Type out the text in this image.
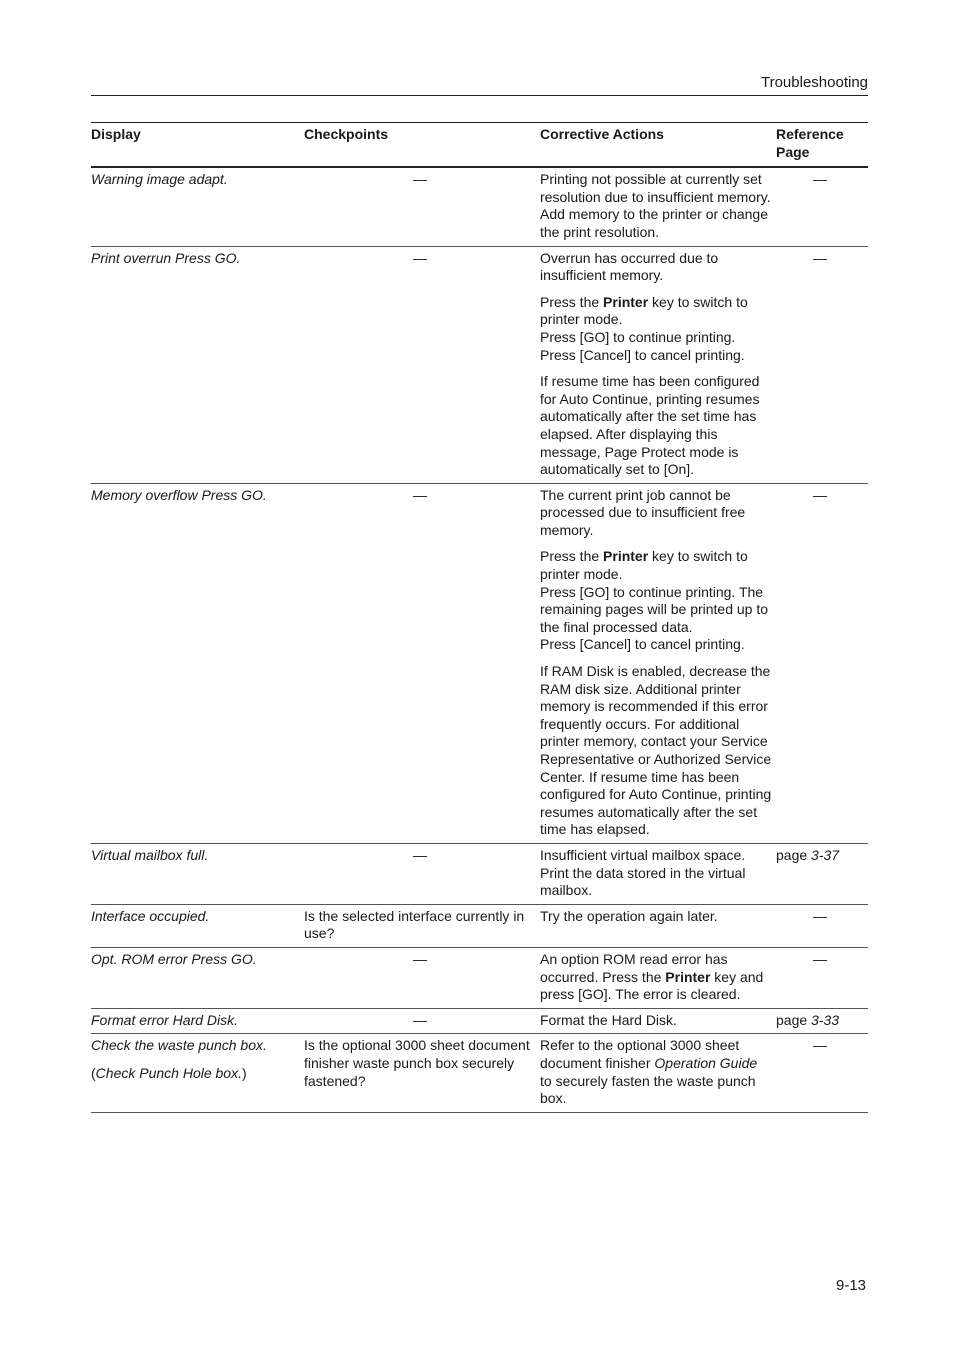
Troubleshooting
Display	Checkpoints	Corrective Actions	Reference Page
Warning image adapt.	—	Printing not possible at currently set resolution due to insufficient memory. Add memory to the printer or change the print resolution.	—

Print overrun Press GO.	—	Overrun has occurred due to insufficient memory.
Press the Printer key to switch to printer mode.
Press [GO] to continue printing.
Press [Cancel] to cancel printing.
If resume time has been configured for Auto Continue, printing resumes automatically after the set time has elapsed. After displaying this message, Page Protect mode is automatically set to [On].	—

Memory overflow Press GO.	—	The current print job cannot be processed due to insufficient free memory.
Press the Printer key to switch to printer mode.
Press [GO] to continue printing. The remaining pages will be printed up to the final processed data.
Press [Cancel] to cancel printing.
If RAM Disk is enabled, decrease the RAM disk size. Additional printer memory is recommended if this error frequently occurs. For additional printer memory, contact your Service Representative or Authorized Service Center. If resume time has been configured for Auto Continue, printing resumes automatically after the set time has elapsed.	—

Virtual mailbox full.	—	Insufficient virtual mailbox space. Print the data stored in the virtual mailbox.	page 3-37
Interface occupied.	Is the selected interface currently in use?	Try the operation again later.	—

Opt. ROM error Press GO.	—	An option ROM read error has occurred. Press the Printer key and press [GO]. The error is cleared.	—

Format error Hard Disk.	—	Format the Hard Disk.	page 3-33

Check the waste punch box.
(Check Punch Hole box.)	Is the optional 3000 sheet document finisher waste punch box securely fastened?	Refer to the optional 3000 sheet document finisher Operation Guide to securely fasten the waste punch box.	—
9-13
